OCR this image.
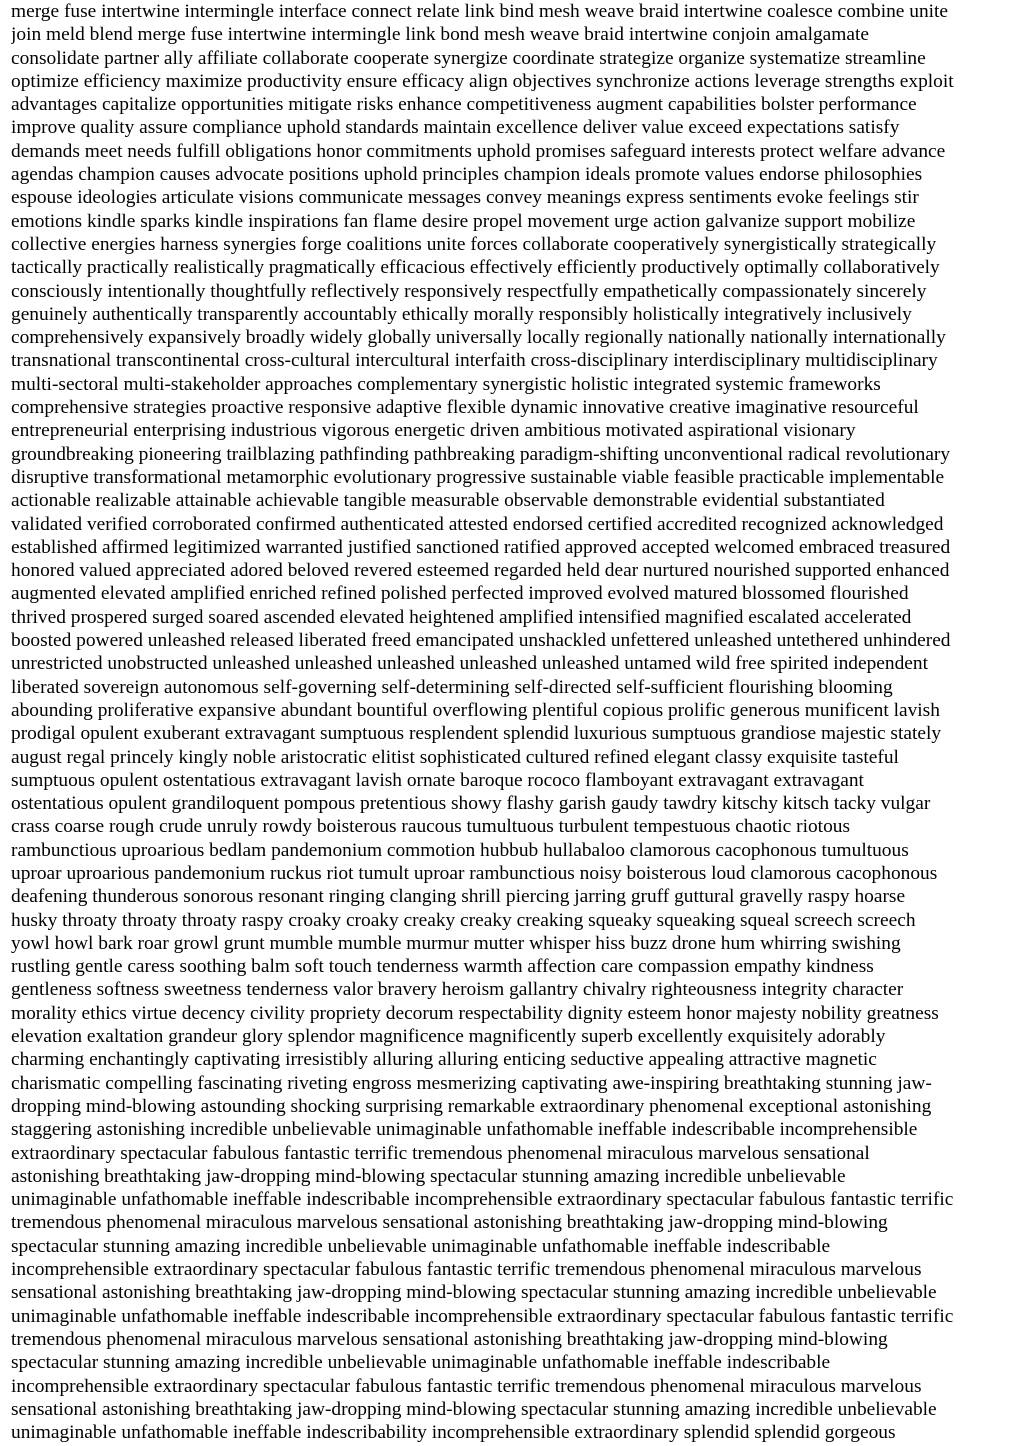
merge fuse intertwine intermingle interface connect relate link bind mesh weave braid intertwine coalesce combine unite
join meld blend merge fuse intertwine intermingle link bond mesh weave braid intertwine conjoin amalgamate
consolidate partner ally affiliate collaborate cooperate synergize coordinate strategize organize systematize streamline
optimize efficiency maximize productivity ensure efficacy align objectives synchronize actions leverage strengths exploit
advantages capitalize opportunities mitigate risks enhance competitiveness augment capabilities bolster performance
improve quality assure compliance uphold standards maintain excellence deliver value exceed expectations satisfy
demands meet needs fulfill obligations honor commitments uphold promises safeguard interests protect welfare advance
agendas champion causes advocate positions uphold principles champion ideals promote values endorse philosophies
espouse ideologies articulate visions communicate messages convey meanings express sentiments evoke feelings stir
emotions kindle sparks kindle inspirations fan flame desire propel movement urge action galvanize support mobilize
collective energies harness synergies forge coalitions unite forces collaborate cooperatively synergistically strategically
tactically practically realistically pragmatically efficacious effectively efficiently productively optimally collaboratively
consciously intentionally thoughtfully reflectively responsively respectfully empathetically compassionately sincerely
genuinely authentically transparently accountably ethically morally responsibly holistically integratively inclusively
comprehensively expansively broadly widely globally universally locally regionally nationally nationally internationally
transnational transcontinental cross-cultural intercultural interfaith cross-disciplinary interdisciplinary multidisciplinary
multi-sectoral multi-stakeholder approaches complementary synergistic holistic integrated systemic frameworks
comprehensive strategies proactive responsive adaptive flexible dynamic innovative creative imaginative resourceful
entrepreneurial enterprising industrious vigorous energetic driven ambitious motivated aspirational visionary
groundbreaking pioneering trailblazing pathfinding pathbreaking paradigm-shifting unconventional radical revolutionary
disruptive transformational metamorphic evolutionary progressive sustainable viable feasible practicable implementable
actionable realizable attainable achievable tangible measurable observable demonstrable evidential substantiated
validated verified corroborated confirmed authenticated attested endorsed certified accredited recognized acknowledged
established affirmed legitimized warranted justified sanctioned ratified approved accepted welcomed embraced treasured
honored valued appreciated adored beloved revered esteemed regarded held dear nurtured nourished supported enhanced
augmented elevated amplified enriched refined polished perfected improved evolved matured blossomed flourished
thrived prospered surged soared ascended elevated heightened amplified intensified magnified escalated accelerated
boosted powered unleashed released liberated freed emancipated unshackled unfettered unleashed untethered unhindered
unrestricted unobstructed unleashed unleashed unleashed unleashed unleashed untamed wild free spirited independent
liberated sovereign autonomous self-governing self-determining self-directed self-sufficient flourishing blooming
abounding proliferative expansive abundant bountiful overflowing plentiful copious prolific generous munificent lavish
prodigal opulent exuberant extravagant sumptuous resplendent splendid luxurious sumptuous grandiose majestic stately
august regal princely kingly noble aristocratic elitist sophisticated cultured refined elegant classy exquisite tasteful
sumptuous opulent ostentatious extravagant lavish ornate baroque rococo flamboyant extravagant extravagant
ostentatious opulent grandiloquent pompous pretentious showy flashy garish gaudy tawdry kitschy kitsch tacky vulgar
crass coarse rough crude unruly rowdy boisterous raucous tumultuous turbulent tempestuous chaotic riotous
rambunctious uproarious bedlam pandemonium commotion hubbub hullabaloo clamorous cacophonous tumultuous
uproar uproarious pandemonium ruckus riot tumult uproar rambunctious noisy boisterous loud clamorous cacophonous
deafening thunderous sonorous resonant ringing clanging shrill piercing jarring gruff guttural gravelly raspy hoarse
husky throaty throaty throaty raspy croaky croaky creaky creaky creaking squeaky squeaking squeal screech screech
yowl howl bark roar growl grunt mumble mumble murmur mutter whisper hiss buzz drone hum whirring swishing
rustling gentle caress soothing balm soft touch tenderness warmth affection care compassion empathy kindness
gentleness softness sweetness tenderness valor bravery heroism gallantry chivalry righteousness integrity character
morality ethics virtue decency civility propriety decorum respectability dignity esteem honor majesty nobility greatness
elevation exaltation grandeur glory splendor magnificence magnificently superb excellently exquisitely adorably
charming enchantingly captivating irresistibly alluring alluring enticing seductive appealing attractive magnetic
charismatic compelling fascinating riveting engross mesmerizing captivating awe-inspiring breathtaking stunning jaw-
dropping mind-blowing astounding shocking surprising remarkable extraordinary phenomenal exceptional astonishing
staggering astonishing incredible unbelievable unimaginable unfathomable ineffable indescribable incomprehensible
extraordinary spectacular fabulous fantastic terrific tremendous phenomenal miraculous marvelous sensational
astonishing breathtaking jaw-dropping mind-blowing spectacular stunning amazing incredible unbelievable
unimaginable unfathomable ineffable indescribable incomprehensible extraordinary spectacular fabulous fantastic terrific
tremendous phenomenal miraculous marvelous sensational astonishing breathtaking jaw-dropping mind-blowing
spectacular stunning amazing incredible unbelievable unimaginable unfathomable ineffable indescribable
incomprehensible extraordinary spectacular fabulous fantastic terrific tremendous phenomenal miraculous marvelous
sensational astonishing breathtaking jaw-dropping mind-blowing spectacular stunning amazing incredible unbelievable
unimaginable unfathomable ineffable indescribable incomprehensible extraordinary spectacular fabulous fantastic terrific
tremendous phenomenal miraculous marvelous sensational astonishing breathtaking jaw-dropping mind-blowing
spectacular stunning amazing incredible unbelievable unimaginable unfathomable ineffable indescribable
incomprehensible extraordinary spectacular fabulous fantastic terrific tremendous phenomenal miraculous marvelous
sensational astonishing breathtaking jaw-dropping mind-blowing spectacular stunning amazing incredible unbelievable
unimaginable unfathomable ineffable indescribability incomprehensible extraordinary splendid splendid gorgeous
